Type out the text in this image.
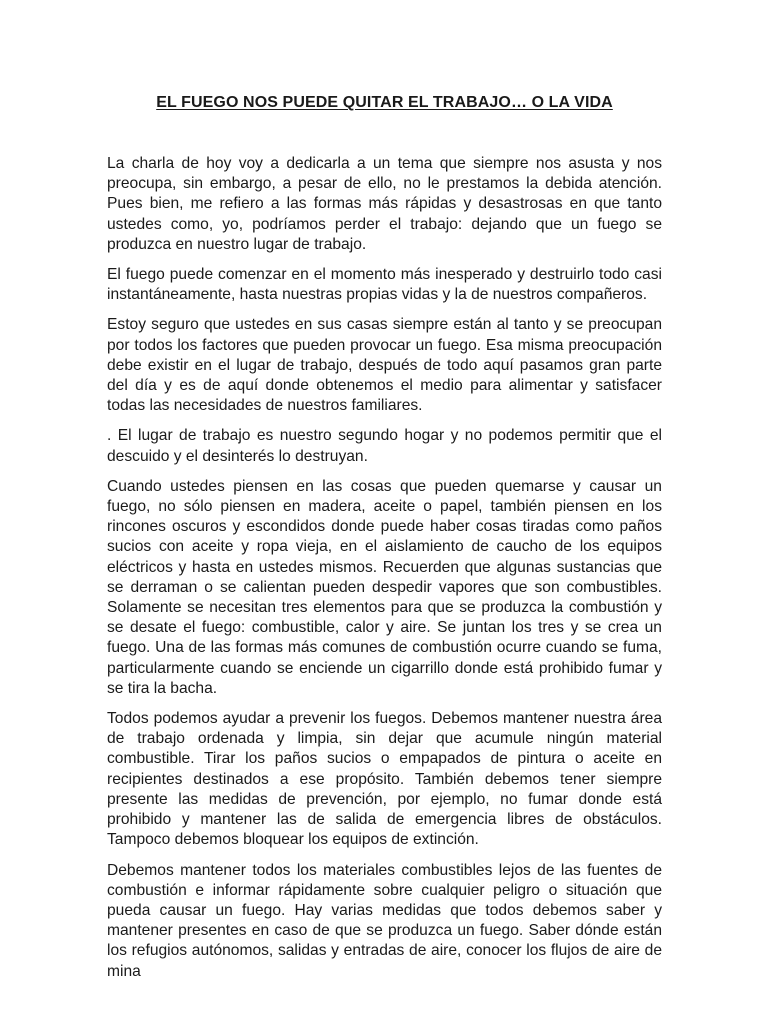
EL FUEGO NOS PUEDE QUITAR EL TRABAJO… O LA VIDA

La charla de hoy voy a dedicarla a un tema que siempre nos asusta y nos preocupa, sin embargo, a pesar de ello, no le prestamos la debida atención. Pues bien, me refiero a las formas más rápidas y desastrosas en que tanto ustedes como, yo, podríamos perder el trabajo: dejando que un fuego se produzca en nuestro lugar de trabajo.

El fuego puede comenzar en el momento más inesperado y destruirlo todo casi instantáneamente, hasta nuestras propias vidas y la de nuestros compañeros.

Estoy seguro que ustedes en sus casas siempre están al tanto y se preocupan por todos los factores que pueden provocar un fuego. Esa misma preocupación debe existir en el lugar de trabajo, después de todo aquí pasamos gran parte del día y es de aquí donde obtenemos el medio para alimentar y satisfacer todas las necesidades de nuestros familiares.

. El lugar de trabajo es nuestro segundo hogar y no podemos permitir que el descuido y el desinterés lo destruyan.

Cuando ustedes piensen en las cosas que pueden quemarse y causar un fuego, no sólo piensen en madera, aceite o papel, también piensen en los rincones oscuros y escondidos donde puede haber cosas tiradas como paños sucios con aceite y ropa vieja, en el aislamiento de caucho de los equipos eléctricos y hasta en ustedes mismos. Recuerden que algunas sustancias que se derraman o se calientan pueden despedir vapores que son combustibles. Solamente se necesitan tres elementos para que se produzca la combustión y se desate el fuego: combustible, calor y aire. Se juntan los tres y se crea un fuego. Una de las formas más comunes de combustión ocurre cuando se fuma, particularmente cuando se enciende un cigarrillo donde está prohibido fumar y se tira la bacha.

Todos podemos ayudar a prevenir los fuegos. Debemos mantener nuestra área de trabajo ordenada y limpia, sin dejar que acumule ningún material combustible. Tirar los paños sucios o empapados de pintura o aceite en recipientes destinados a ese propósito. También debemos tener siempre presente las medidas de prevención, por ejemplo, no fumar donde está prohibido y mantener las de salida de emergencia libres de obstáculos. Tampoco debemos bloquear los equipos de extinción.

Debemos mantener todos los materiales combustibles lejos de las fuentes de combustión e informar rápidamente sobre cualquier peligro o situación que pueda causar un fuego. Hay varias medidas que todos debemos saber y mantener presentes en caso de que se produzca un fuego. Saber dónde están los refugios autónomos, salidas y entradas de aire, conocer los flujos de aire de mina
